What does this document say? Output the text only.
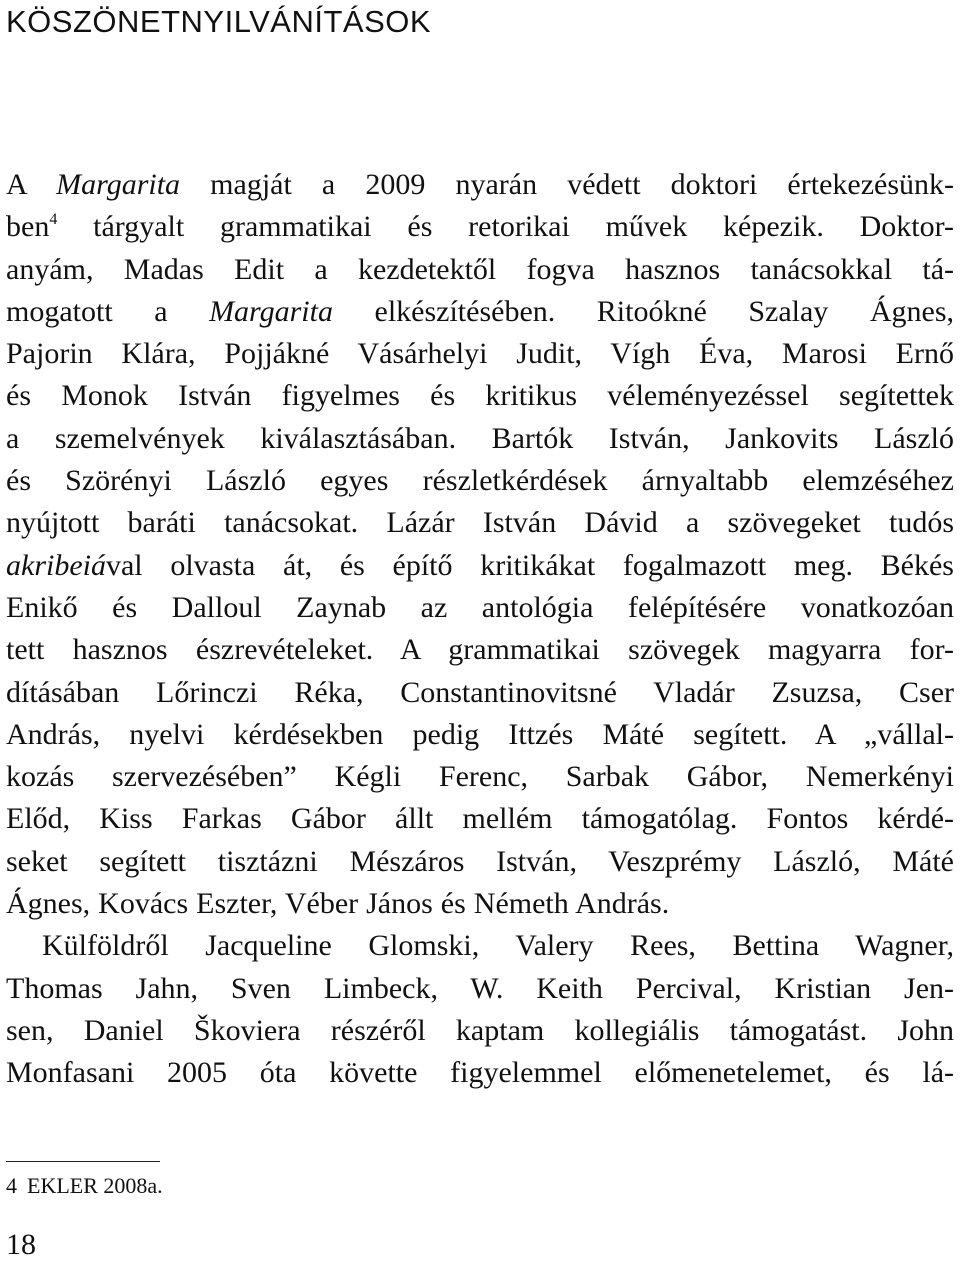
KÖSZÖNETNYILVÁNÍTÁSOK
A Margarita magját a 2009 nyarán védett doktori értekezésünk-
ben$^4$ tárgyalt grammatikai és retorikai művek képezik. Doktor-
anyám, Madas Edit a kezdetektől fogva hasznos tanácsokkal tá-
mogatott a Margarita elkészítésében. Ritoókné Szalay Ágnes,
Pajorin Klára, Pojjákné Vásárhelyi Judit, Vígh Éva, Marosi Ernő
és Monok István figyelmes és kritikus véleményezéssel segítettek
a szemelvények kiválasztásában. Bartók István, Jankovits László
és Szörényi László egyes részletkérdések árnyaltabb elemzéséhez
nyújtott baráti tanácsokat. Lázár István Dávid a szövegeket tudós
akribeiával olvasta át, és építő kritikákat fogalmazott meg. Békés
Enikő és Dalloul Zaynab az antológia felépítésére vonatkozóan
tett hasznos észrevételeket. A grammatikai szövegek magyarra for-
dításában Lőrinczi Réka, Constantinovitsné Vladár Zsuzsa, Cser
András, nyelvi kérdésekben pedig Ittzés Máté segített. A „vállal-
kozás szervezésében” Kégli Ferenc, Sarbak Gábor, Nemerkényi
Előd, Kiss Farkas Gábor állt mellém támogatólag. Fontos kérdé-
seket segített tisztázni Mészáros István, Veszprémy László, Máté
Ágnes, Kovács Eszter, Véber János és Németh András.
Külföldről Jacqueline Glomski, Valery Rees, Bettina Wagner,
Thomas Jahn, Sven Limbeck, W. Keith Percival, Kristian Jen-
sen, Daniel Škoviera részéről kaptam kollegiális támogatást. John
Monfasani 2005 óta követte figyelemmel előmenetelemet, és lá-
4 EKLER 2008a.
18
